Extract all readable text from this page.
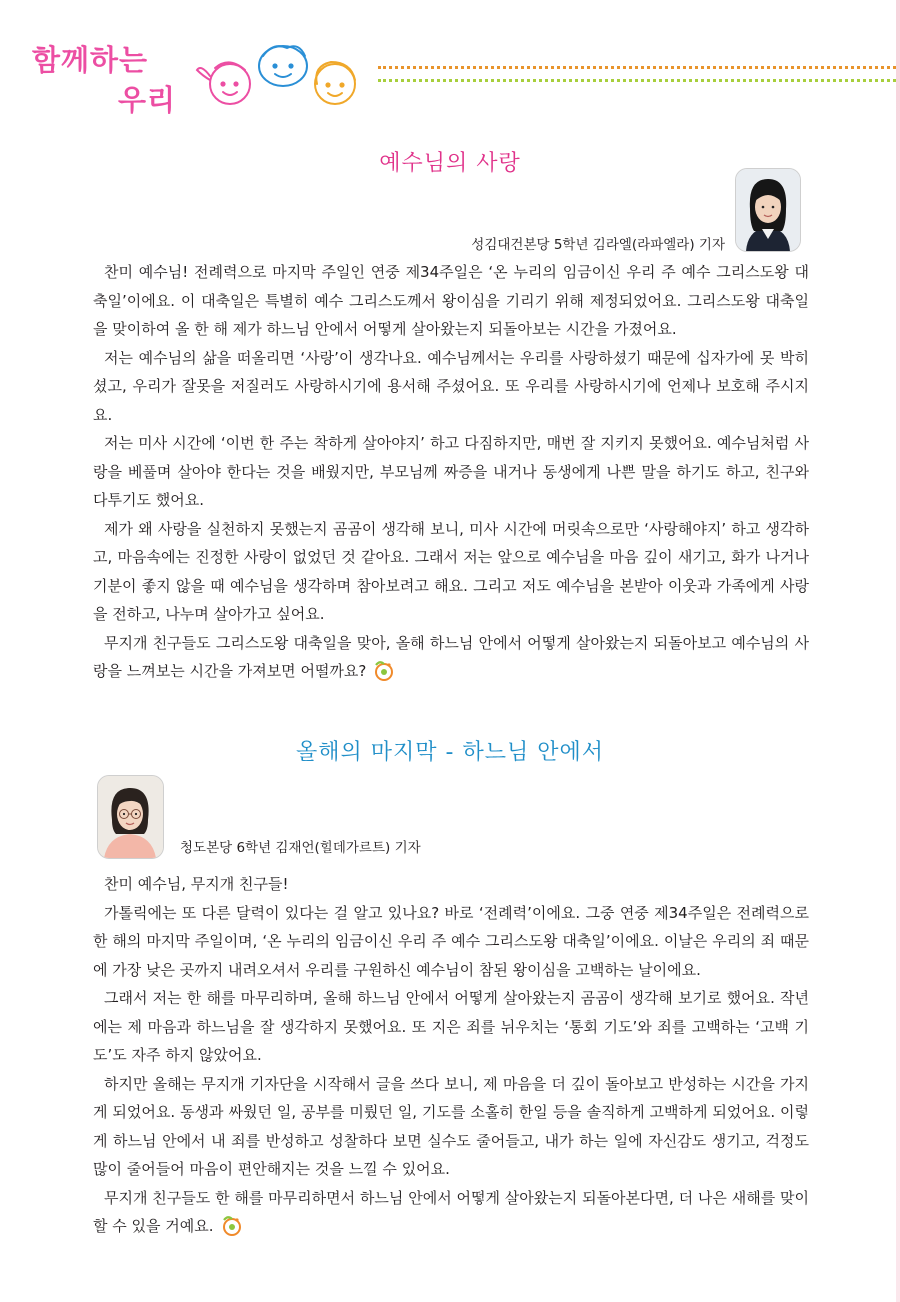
함께하는
우리
예수님의 사랑
성김대건본당 5학년 김라엘(라파엘라) 기자

찬미 예수님! 전례력으로 마지막 주일인 연중 제34주일은 ‘온 누리의 임금이신 우리 주 예수 그리스도왕 대축일’이에요. 이 대축일은 특별히 예수 그리스도께서 왕이심을 기리기 위해 제정되었어요. 그리스도왕 대축일을 맞이하여 올 한 해 제가 하느님 안에서 어떻게 살아왔는지 되돌아보는 시간을 가졌어요.

저는 예수님의 삶을 떠올리면 ‘사랑’이 생각나요. 예수님께서는 우리를 사랑하셨기 때문에 십자가에 못 박히셨고, 우리가 잘못을 저질러도 사랑하시기에 용서해 주셨어요. 또 우리를 사랑하시기에 언제나 보호해 주시지요.

저는 미사 시간에 ‘이번 한 주는 착하게 살아야지’ 하고 다짐하지만, 매번 잘 지키지 못했어요. 예수님처럼 사랑을 베풀며 살아야 한다는 것을 배웠지만, 부모님께 짜증을 내거나 동생에게 나쁜 말을 하기도 하고, 친구와 다투기도 했어요.

제가 왜 사랑을 실천하지 못했는지 곰곰이 생각해 보니, 미사 시간에 머릿속으로만 ‘사랑해야지’ 하고 생각하고, 마음속에는 진정한 사랑이 없었던 것 같아요. 그래서 저는 앞으로 예수님을 마음 깊이 새기고, 화가 나거나 기분이 좋지 않을 때 예수님을 생각하며 참아보려고 해요. 그리고 저도 예수님을 본받아 이웃과 가족에게 사랑을 전하고, 나누며 살아가고 싶어요.

무지개 친구들도 그리스도왕 대축일을 맞아, 올해 하느님 안에서 어떻게 살아왔는지 되돌아보고 예수님의 사랑을 느껴보는 시간을 가져보면 어떨까요?

올해의 마지막 - 하느님 안에서
청도본당 6학년 김재언(힐데가르트) 기자

찬미 예수님, 무지개 친구들!

가톨릭에는 또 다른 달력이 있다는 걸 알고 있나요? 바로 ‘전례력’이에요. 그중 연중 제34주일은 전례력으로 한 해의 마지막 주일이며, ‘온 누리의 임금이신 우리 주 예수 그리스도왕 대축일’이에요. 이날은 우리의 죄 때문에 가장 낮은 곳까지 내려오셔서 우리를 구원하신 예수님이 참된 왕이심을 고백하는 날이에요.

그래서 저는 한 해를 마무리하며, 올해 하느님 안에서 어떻게 살아왔는지 곰곰이 생각해 보기로 했어요. 작년에는 제 마음과 하느님을 잘 생각하지 못했어요. 또 지은 죄를 뉘우치는 ‘통회 기도’와 죄를 고백하는 ‘고백 기도’도 자주 하지 않았어요.

하지만 올해는 무지개 기자단을 시작해서 글을 쓰다 보니, 제 마음을 더 깊이 돌아보고 반성하는 시간을 가지게 되었어요. 동생과 싸웠던 일, 공부를 미뤘던 일, 기도를 소홀히 한일 등을 솔직하게 고백하게 되었어요. 이렇게 하느님 안에서 내 죄를 반성하고 성찰하다 보면 실수도 줄어들고, 내가 하는 일에 자신감도 생기고, 걱정도 많이 줄어들어 마음이 편안해지는 것을 느낄 수 있어요.

무지개 친구들도 한 해를 마무리하면서 하느님 안에서 어떻게 살아왔는지 되돌아본다면, 더 나은 새해를 맞이할 수 있을 거예요.
